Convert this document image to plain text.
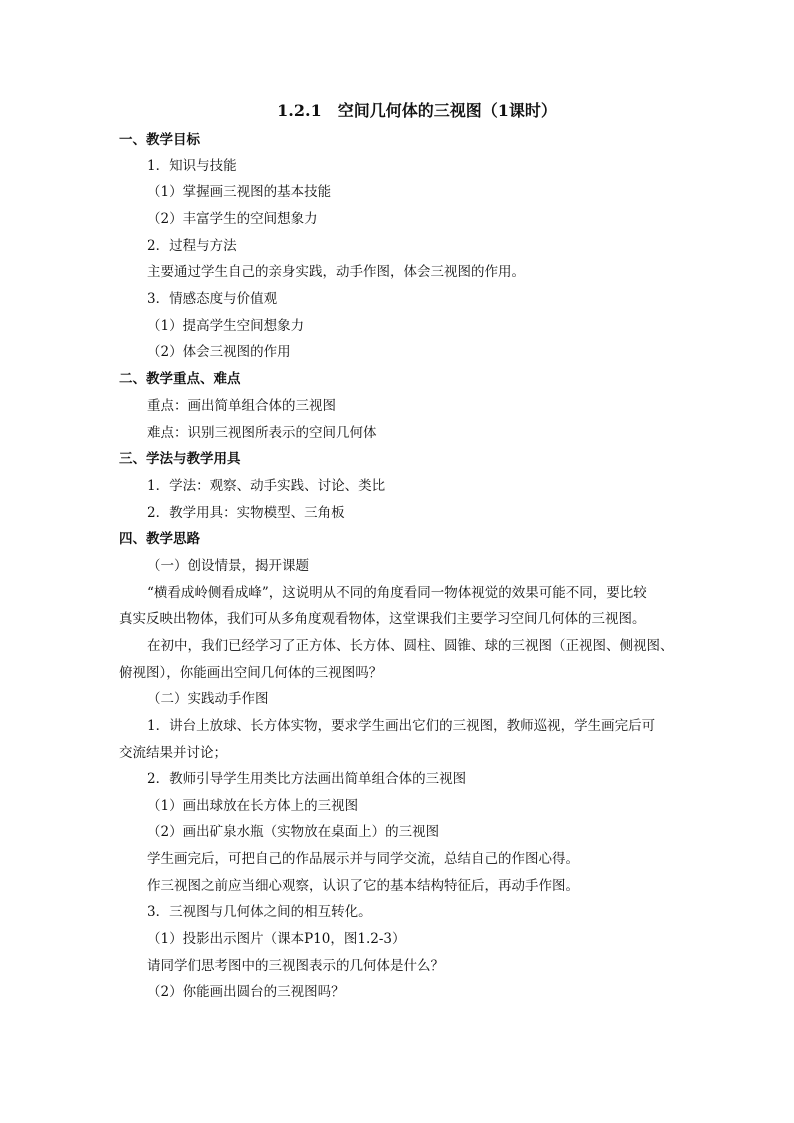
1.2.1　空间几何体的三视图（1课时）
一、教学目标
1．知识与技能
（1）掌握画三视图的基本技能
（2）丰富学生的空间想象力
2．过程与方法
主要通过学生自己的亲身实践，动手作图，体会三视图的作用。
3．情感态度与价值观
（1）提高学生空间想象力
（2）体会三视图的作用
二、教学重点、难点
重点：画出简单组合体的三视图
难点：识别三视图所表示的空间几何体
三、学法与教学用具
1．学法：观察、动手实践、讨论、类比
2．教学用具：实物模型、三角板
四、教学思路
（一）创设情景，揭开课题
“横看成岭侧看成峰”，这说明从不同的角度看同一物体视觉的效果可能不同，要比较
真实反映出物体，我们可从多角度观看物体，这堂课我们主要学习空间几何体的三视图。
在初中，我们已经学习了正方体、长方体、圆柱、圆锥、球的三视图（正视图、侧视图、
俯视图），你能画出空间几何体的三视图吗？
（二）实践动手作图
1．讲台上放球、长方体实物，要求学生画出它们的三视图，教师巡视，学生画完后可
交流结果并讨论；
2．教师引导学生用类比方法画出简单组合体的三视图
（1）画出球放在长方体上的三视图
（2）画出矿泉水瓶（实物放在桌面上）的三视图
学生画完后，可把自己的作品展示并与同学交流，总结自己的作图心得。
作三视图之前应当细心观察，认识了它的基本结构特征后，再动手作图。
3．三视图与几何体之间的相互转化。
（1）投影出示图片（课本P10，图1.2-3）
请同学们思考图中的三视图表示的几何体是什么？
（2）你能画出圆台的三视图吗？
